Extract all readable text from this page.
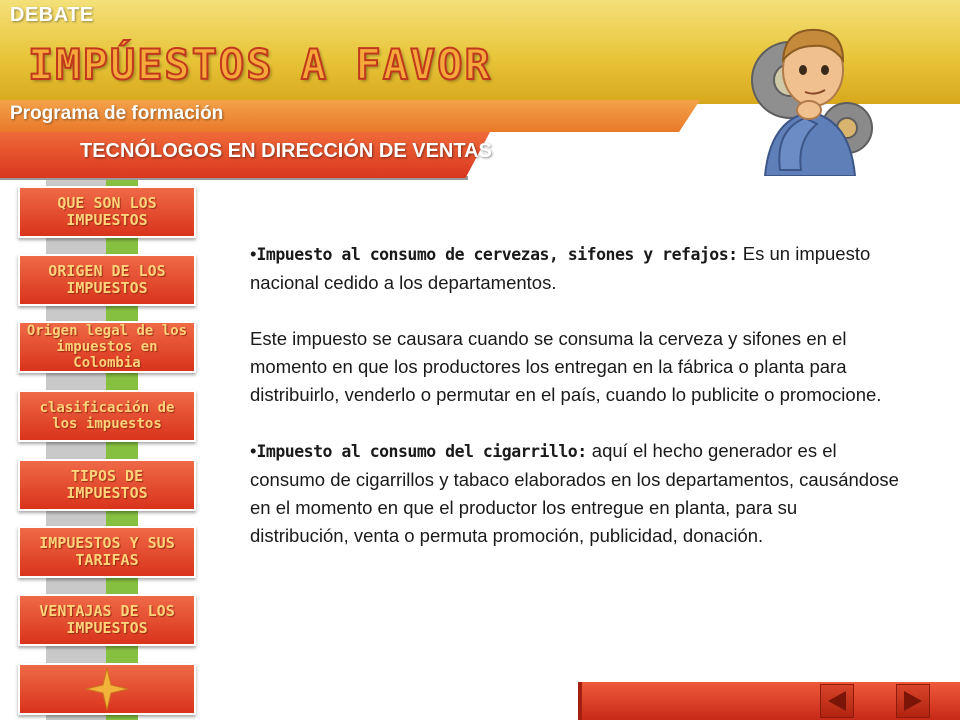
DEBATE
IMPÚESTOS A FAVOR
Programa de formación
TECNÓLOGOS EN DIRECCIÓN DE VENTAS
QUE SON LOS IMPUESTOS
ORIGEN DE LOS IMPUESTOS
Origen legal de los impuestos en Colombia
clasificación de los impuestos
TIPOS DE IMPUESTOS
IMPUESTOS Y SUS TARIFAS
VENTAJAS DE LOS IMPUESTOS

•Impuesto al consumo de cervezas, sifones y refajos: Es un impuesto nacional cedido a los departamentos.

Este impuesto se causara cuando se consuma la cerveza y sifones en el momento en que los productores los entregan en la fábrica o planta para distribuirlo, venderlo o permutar en el país, cuando lo publicite o promocione.

•Impuesto al consumo del cigarrillo: aquí el hecho generador es el consumo de cigarrillos y tabaco elaborados en los departamentos, causándose en el momento en que el productor los entregue en planta, para su distribución, venta o permuta promoción, publicidad, donación.
